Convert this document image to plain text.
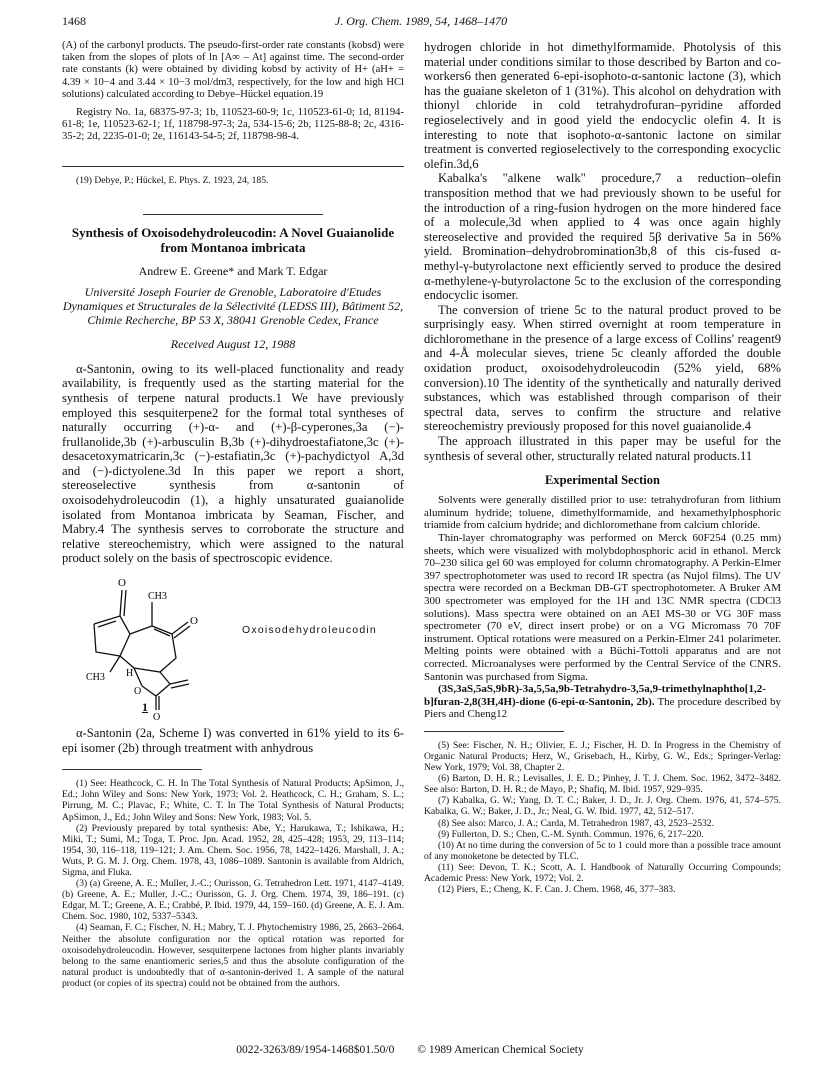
1468	J. Org. Chem. 1989, 54, 1468–1470

(A) of the carbonyl products. The pseudo-first-order rate constants (kobsd) were taken from the slopes of plots of ln [A∞ – At] against time. The second-order rate constants (k) were obtained by dividing kobsd by activity of H+ (aH+ = 4.39 × 10−4 and 3.44 × 10−3 mol/dm3, respectively, for the low and high HCl solutions) calculated according to Debye–Hückel equation.19

Registry No. 1a, 68375-97-3; 1b, 110523-60-9; 1c, 110523-61-0; 1d, 81194-61-8; 1e, 110523-62-1; 1f, 118798-97-3; 2a, 534-15-6; 2b, 1125-88-8; 2c, 4316-35-2; 2d, 2235-01-0; 2e, 116143-54-5; 2f, 118798-98-4.

(19) Debye, P.; Hückel, E. Phys. Z. 1923, 24, 185.

Synthesis of Oxoisodehydroleucodin: A Novel Guaianolide from Montanoa imbricata
Andrew E. Greene* and Mark T. Edgar
Université Joseph Fourier de Grenoble, Laboratoire d'Etudes Dynamiques et Structurales de la Sélectivité (LEDSS III), Bâtiment 52, Chimie Recherche, BP 53 X, 38041 Grenoble Cedex, France
Received August 12, 1988

α-Santonin, owing to its well-placed functionality and ready availability, is frequently used as the starting material for the synthesis of terpene natural products.1 We have previously employed this sesquiterpene2 for the formal total syntheses of naturally occurring (+)-α- and (+)-β-cyperones,3a (−)-frullanolide,3b (+)-arbusculin B,3b (+)-dihydroestafiatone,3c (+)-desacetoxymatricarin,3c (−)-estafiatin,3c (+)-pachydictyol A,3d and (−)-dictyolene.3d In this paper we report a short, stereoselective synthesis from α-santonin of oxoisodehydroleucodin (1), a highly unsaturated guaianolide isolated from Montanoa imbricata by Seaman, Fischer, and Mabry.4 The synthesis serves to corroborate the structure and relative stereochemistry, which were assigned to the natural product solely on the basis of spectroscopic evidence.

O
CH3
O
CH3 H
O
O
Oxoisodehydroleucodin
1

α-Santonin (2a, Scheme I) was converted in 61% yield to its 6-epi isomer (2b) through treatment with anhydrous

(1) See: Heathcock, C. H. In The Total Synthesis of Natural Products; ApSimon, J., Ed.; John Wiley and Sons: New York, 1973; Vol. 2. Heathcock, C. H.; Graham, S. L.; Pirrung, M. C.; Plavac, F.; White, C. T. In The Total Synthesis of Natural Products; ApSimon, J., Ed.; John Wiley and Sons: New York, 1983; Vol. 5.

(2) Previously prepared by total synthesis: Abe, Y.; Harukawa, T.; Ishikawa, H.; Miki, T.; Sumi, M.; Toga, T. Proc. Jpn. Acad. 1952, 28, 425–428; 1953, 29, 113–114; 1954, 30, 116–118, 119–121; J. Am. Chem. Soc. 1956, 78, 1422–1426. Marshall, J. A.; Wuts, P. G. M. J. Org. Chem. 1978, 43, 1086–1089. Santonin is available from Aldrich, Sigma, and Fluka.

(3) (a) Greene, A. E.; Muller, J.-C.; Ourisson, G. Tetrahedron Lett. 1971, 4147–4149. (b) Greene, A. E.; Muller, J.-C.; Ourisson, G. J. Org. Chem. 1974, 39, 186–191. (c) Edgar, M. T.; Greene, A. E.; Crabbé, P. Ibid. 1979, 44, 159–160. (d) Greene, A. E. J. Am. Chem. Soc. 1980, 102, 5337–5343.

(4) Seaman, F. C.; Fischer, N. H.; Mabry, T. J. Phytochemistry 1986, 25, 2663–2664. Neither the absolute configuration nor the optical rotation was reported for oxoisodehydroleucodin. However, sesquiterpene lactones from higher plants invariably belong to the same enantiomeric series,5 and thus the absolute configuration of the natural product is undoubtedly that of α-santonin-derived 1. A sample of the natural product (or copies of its spectra) could not be obtained from the authors.

hydrogen chloride in hot dimethylformamide. Photolysis of this material under conditions similar to those described by Barton and co-workers6 then generated 6-epi-isophoto-α-santonic lactone (3), which has the guaiane skeleton of 1 (31%). This alcohol on dehydration with thionyl chloride in cold tetrahydrofuran–pyridine afforded regioselectively and in good yield the endocyclic olefin 4. It is interesting to note that isophoto-α-santonic lactone on similar treatment is converted regioselectively to the corresponding exocyclic olefin.3d,6

Kabalka's "alkene walk" procedure,7 a reduction–olefin transposition method that we had previously shown to be useful for the introduction of a ring-fusion hydrogen on the more hindered face of a molecule,3d when applied to 4 was once again highly stereoselective and provided the required 5β derivative 5a in 56% yield. Bromination–dehydrobromination3b,8 of this cis-fused α-methyl-γ-butyrolactone next efficiently served to produce the desired α-methylene-γ-butyrolactone 5c to the exclusion of the corresponding endocyclic isomer.

The conversion of triene 5c to the natural product proved to be surprisingly easy. When stirred overnight at room temperature in dichloromethane in the presence of a large excess of Collins' reagent9 and 4-Å molecular sieves, triene 5c cleanly afforded the double oxidation product, oxoisodehydroleucodin (52% yield, 68% conversion).10 The identity of the synthetically and naturally derived substances, which was established through comparison of their spectral data, serves to confirm the structure and relative stereochemistry previously proposed for this novel guaianolide.4

The approach illustrated in this paper may be useful for the synthesis of several other, structurally related natural products.11

Experimental Section

Solvents were generally distilled prior to use: tetrahydrofuran from lithium aluminum hydride; toluene, dimethylformamide, and hexamethylphosphoric triamide from calcium hydride; and dichloromethane from calcium chloride.

Thin-layer chromatography was performed on Merck 60F254 (0.25 mm) sheets, which were visualized with molybdophosphoric acid in ethanol. Merck 70–230 silica gel 60 was employed for column chromatography. A Perkin-Elmer 397 spectrophotometer was used to record IR spectra (as Nujol films). The UV spectra were recorded on a Beckman DB-GT spectrophotometer. A Bruker AM 300 spectrometer was employed for the 1H and 13C NMR spectra (CDCl3 solutions). Mass spectra were obtained on an AEI MS-30 or VG 30F mass spectrometer (70 eV, direct insert probe) or on a VG Micromass 70 70F instrument. Optical rotations were measured on a Perkin-Elmer 241 polarimeter. Melting points were obtained with a Büchi-Tottoli apparatus and are not corrected. Microanalyses were performed by the Central Service of the CNRS. Santonin was purchased from Sigma.

(3S,3aS,5aS,9bR)-3a,5,5a,9b-Tetrahydro-3,5a,9-trimethylnaphtho[1,2-b]furan-2,8(3H,4H)-dione (6-epi-α-Santonin, 2b). The procedure described by Piers and Cheng12

(5) See: Fischer, N. H.; Olivier, E. J.; Fischer, H. D. In Progress in the Chemistry of Organic Natural Products; Herz, W., Grisebach, H., Kirby, G. W., Eds.; Springer-Verlag: New York, 1979; Vol. 38, Chapter 2.

(6) Barton, D. H. R.; Levisalles, J. E. D.; Pinhey, J. T. J. Chem. Soc. 1962, 3472–3482. See also: Barton, D. H. R.; de Mayo, P.; Shafiq, M. Ibid. 1957, 929–935.

(7) Kabalka, G. W.; Yang, D. T. C.; Baker, J. D., Jr. J. Org. Chem. 1976, 41, 574–575. Kabalka, G. W.; Baker, J. D., Jr.; Neal, G. W. Ibid. 1977, 42, 512–517.

(8) See also: Marco, J. A.; Carda, M. Tetrahedron 1987, 43, 2523–2532.

(9) Fullerton, D. S.; Chen, C.-M. Synth. Commun. 1976, 6, 217–220.

(10) At no time during the conversion of 5c to 1 could more than a possible trace amount of any monoketone be detected by TLC.

(11) See: Devon, T. K.; Scott, A. I. Handbook of Naturally Occurring Compounds; Academic Press: New York, 1972; Vol. 2.

(12) Piers, E.; Cheng, K. F. Can. J. Chem. 1968, 46, 377–383.

0022-3263/89/1954-1468$01.50/0 © 1989 American Chemical Society
